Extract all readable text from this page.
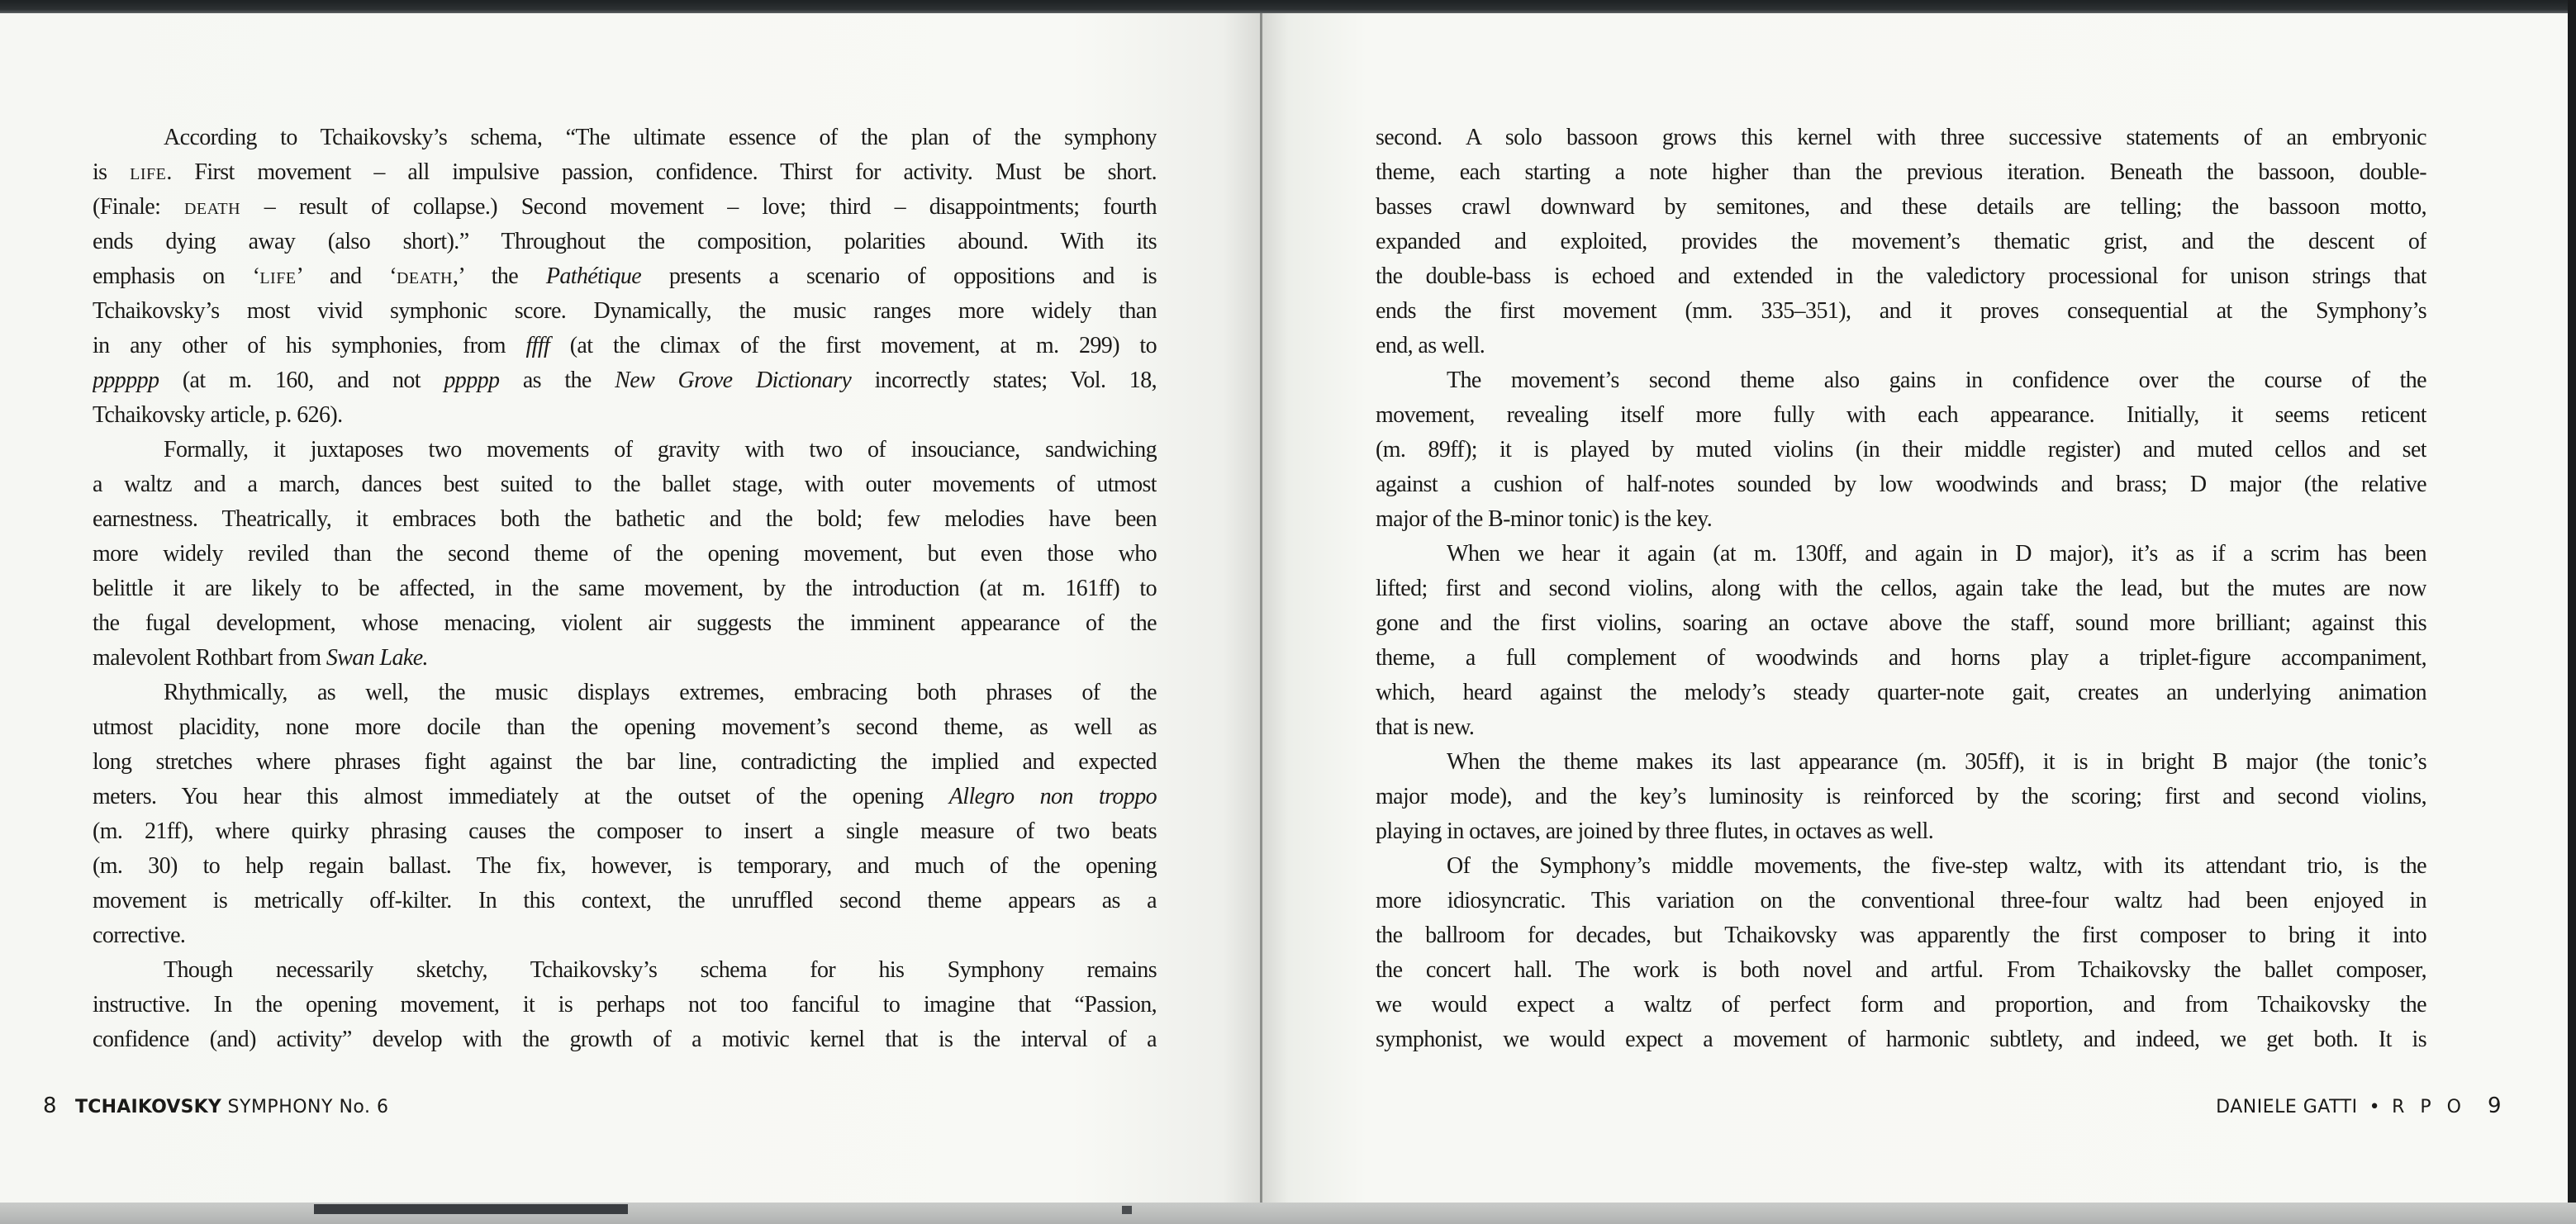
According to Tchaikovsky’s schema, “The ultimate essence of the plan of the symphony
is life. First movement – all impulsive passion, confidence. Thirst for activity. Must be short.
(Finale: death – result of collapse.) Second movement – love; third – disappointments; fourth
ends dying away (also short).” Throughout the composition, polarities abound. With its
emphasis on ‘life’ and ‘death,’ the Pathétique presents a scenario of oppositions and is
Tchaikovsky’s most vivid symphonic score. Dynamically, the music ranges more widely than
in any other of his symphonies, from ffff (at the climax of the first movement, at m. 299) to
pppppp (at m. 160, and not ppppp as the New Grove Dictionary incorrectly states; Vol. 18,
Tchaikovsky article, p. 626).
Formally, it juxtaposes two movements of gravity with two of insouciance, sandwiching
a waltz and a march, dances best suited to the ballet stage, with outer movements of utmost
earnestness. Theatrically, it embraces both the bathetic and the bold; few melodies have been
more widely reviled than the second theme of the opening movement, but even those who
belittle it are likely to be affected, in the same movement, by the introduction (at m. 161ff) to
the fugal development, whose menacing, violent air suggests the imminent appearance of the
malevolent Rothbart from Swan Lake.
Rhythmically, as well, the music displays extremes, embracing both phrases of the
utmost placidity, none more docile than the opening movement’s second theme, as well as
long stretches where phrases fight against the bar line, contradicting the implied and expected
meters. You hear this almost immediately at the outset of the opening Allegro non troppo
(m. 21ff), where quirky phrasing causes the composer to insert a single measure of two beats
(m. 30) to help regain ballast. The fix, however, is temporary, and much of the opening
movement is metrically off-kilter. In this context, the unruffled second theme appears as a
corrective.
Though necessarily sketchy, Tchaikovsky’s schema for his Symphony remains
instructive. In the opening movement, it is perhaps not too fanciful to imagine that “Passion,
confidence (and) activity” develop with the growth of a motivic kernel that is the interval of a
8 TCHAIKOVSKY SYMPHONY No. 6
second. A solo bassoon grows this kernel with three successive statements of an embryonic
theme, each starting a note higher than the previous iteration. Beneath the bassoon, double-
basses crawl downward by semitones, and these details are telling; the bassoon motto,
expanded and exploited, provides the movement’s thematic grist, and the descent of
the double-bass is echoed and extended in the valedictory processional for unison strings that
ends the first movement (mm. 335–351), and it proves consequential at the Symphony’s
end, as well.
The movement’s second theme also gains in confidence over the course of the
movement, revealing itself more fully with each appearance. Initially, it seems reticent
(m. 89ff); it is played by muted violins (in their middle register) and muted cellos and set
against a cushion of half-notes sounded by low woodwinds and brass; D major (the relative
major of the B-minor tonic) is the key.
When we hear it again (at m. 130ff, and again in D major), it’s as if a scrim has been
lifted; first and second violins, along with the cellos, again take the lead, but the mutes are now
gone and the first violins, soaring an octave above the staff, sound more brilliant; against this
theme, a full complement of woodwinds and horns play a triplet-figure accompaniment,
which, heard against the melody’s steady quarter-note gait, creates an underlying animation
that is new.
When the theme makes its last appearance (m. 305ff), it is in bright B major (the tonic’s
major mode), and the key’s luminosity is reinforced by the scoring; first and second violins,
playing in octaves, are joined by three flutes, in octaves as well.
Of the Symphony’s middle movements, the five-step waltz, with its attendant trio, is the
more idiosyncratic. This variation on the conventional three-four waltz had been enjoyed in
the ballroom for decades, but Tchaikovsky was apparently the first composer to bring it into
the concert hall. The work is both novel and artful. From Tchaikovsky the ballet composer,
we would expect a waltz of perfect form and proportion, and from Tchaikovsky the
symphonist, we would expect a movement of harmonic subtlety, and indeed, we get both. It is
DANIELE GATTI • R P O 9
